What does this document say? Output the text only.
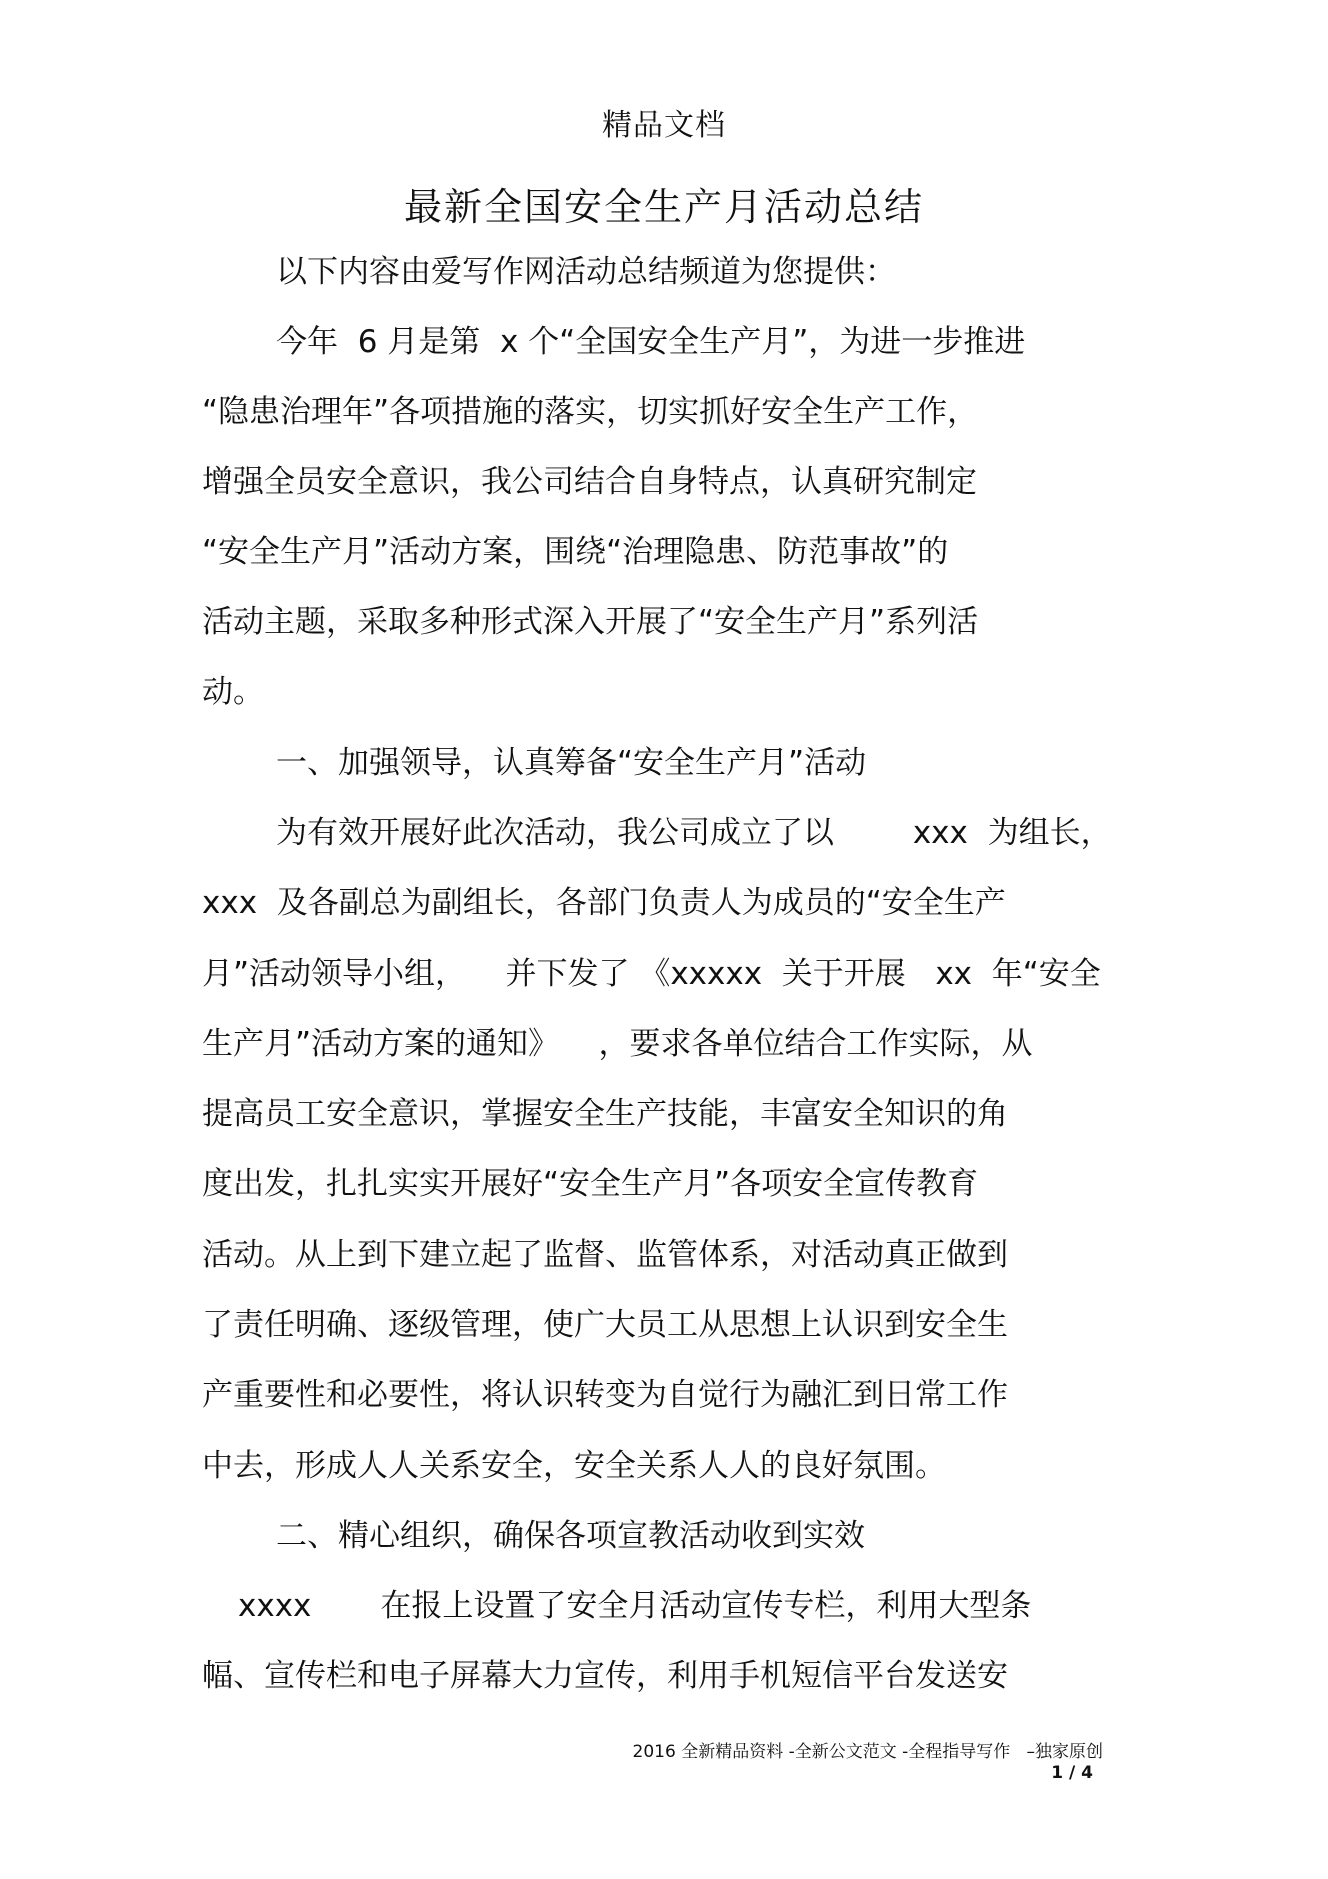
精品文档
最新全国安全生产月活动总结
以下内容由爱写作网活动总结频道为您提供：
今年  6 月是第  x 个“全国安全生产月”，为进一步推进
“隐患治理年”各项措施的落实，切实抓好安全生产工作，
增强全员安全意识，我公司结合自身特点，认真研究制定
“安全生产月”活动方案，围绕“治理隐患、防范事故”的
活动主题，采取多种形式深入开展了“安全生产月”系列活
动。
一、加强领导，认真筹备“安全生产月”活动
为有效开展好此次活动，我公司成立了以        xxx  为组长，
xxx  及各副总为副组长，各部门负责人为成员的“安全生产
月”活动领导小组，    并下发了 《xxxxx  关于开展   xx  年“安全
生产月”活动方案的通知》    ，要求各单位结合工作实际，从
提高员工安全意识，掌握安全生产技能，丰富安全知识的角
度出发，扎扎实实开展好“安全生产月”各项安全宣传教育
活动。从上到下建立起了监督、监管体系，对活动真正做到
了责任明确、逐级管理，使广大员工从思想上认识到安全生
产重要性和必要性，将认识转变为自觉行为融汇到日常工作
中去，形成人人关系安全，安全关系人人的良好氛围。
二、精心组织，确保各项宣教活动收到实效
xxxx       在报上设置了安全月活动宣传专栏，利用大型条
幅、宣传栏和电子屏幕大力宣传，利用手机短信平台发送安
2016 全新精品资料 -全新公文范文 -全程指导写作   –独家原创
1 / 4
